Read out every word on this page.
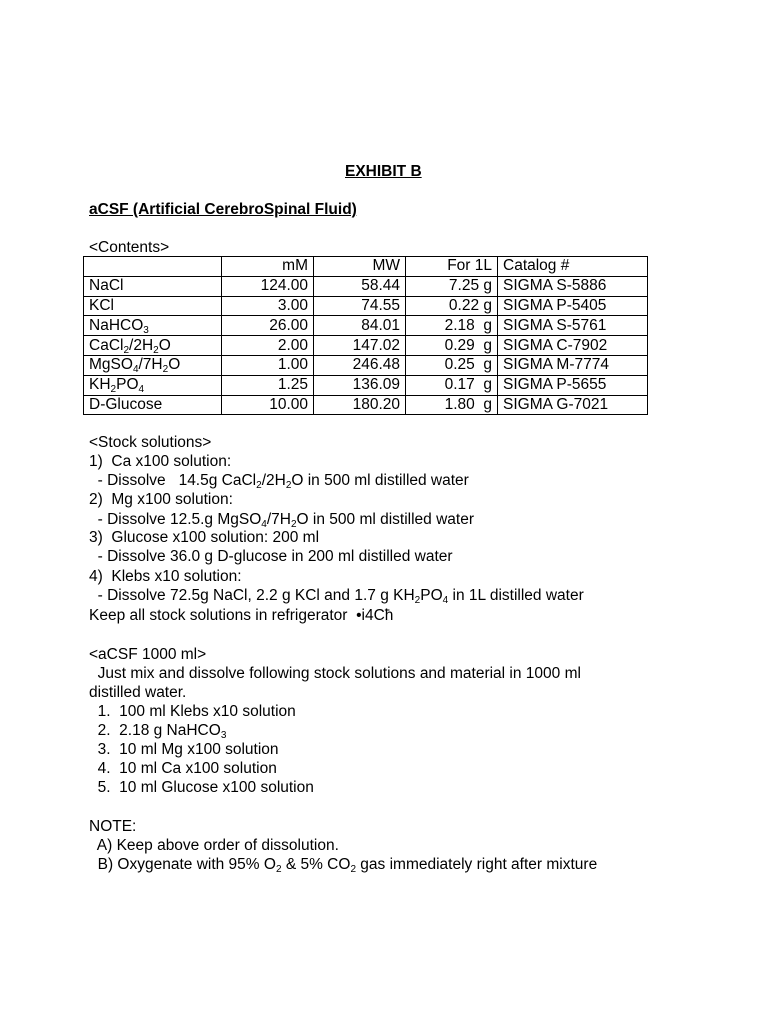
EXHIBIT B
aCSF (Artificial CerebroSpinal Fluid)
<Contents>
	mM	MW	For 1L	Catalog #
NaCl	124.00	58.44	7.25 g	SIGMA S-5886
KCl	3.00	74.55	0.22 g	SIGMA P-5405
NaHCO$_3$	26.00	84.01	2.18  g	SIGMA S-5761
$CaCl_2/2H_2O$	2.00	147.02	0.29  g	SIGMA C-7902
$MgSO_4/7H_2O$	1.00	246.48	0.25  g	SIGMA M-7774
$KH_2PO_4$	1.25	136.09	0.17  g	SIGMA P-5655
D-Glucose	10.00	180.20	1.80  g	SIGMA G-7021
<Stock solutions>
1)  Ca x100 solution:
- Dissolve   14.5g $CaCl_2/2H_2O$ in 500 ml distilled water
2)  Mg x100 solution:
- Dissolve 12.5.g $MgSO_4/7H_2O$ in 500 ml distilled water
3)  Glucose x100 solution: 200 ml
- Dissolve 36.0 g D-glucose in 200 ml distilled water
4)  Klebs x10 solution:
- Dissolve 72.5g NaCl, 2.2 g KCl and 1.7 g $KH_2PO_4$ in 1L distilled water
Keep all stock solutions in refrigerator  •i4Cħ
<aCSF 1000 ml>
Just mix and dissolve following stock solutions and material in 1000 ml
distilled water.
1.  100 ml Klebs x10 solution
2.  2.18 g NaHCO$_3$
3.  10 ml Mg x100 solution
4.  10 ml Ca x100 solution
5.  10 ml Glucose x100 solution
NOTE:
A) Keep above order of dissolution.
B) Oxygenate with 95% $O_2$ & 5% $CO_2$ gas immediately right after mixture
